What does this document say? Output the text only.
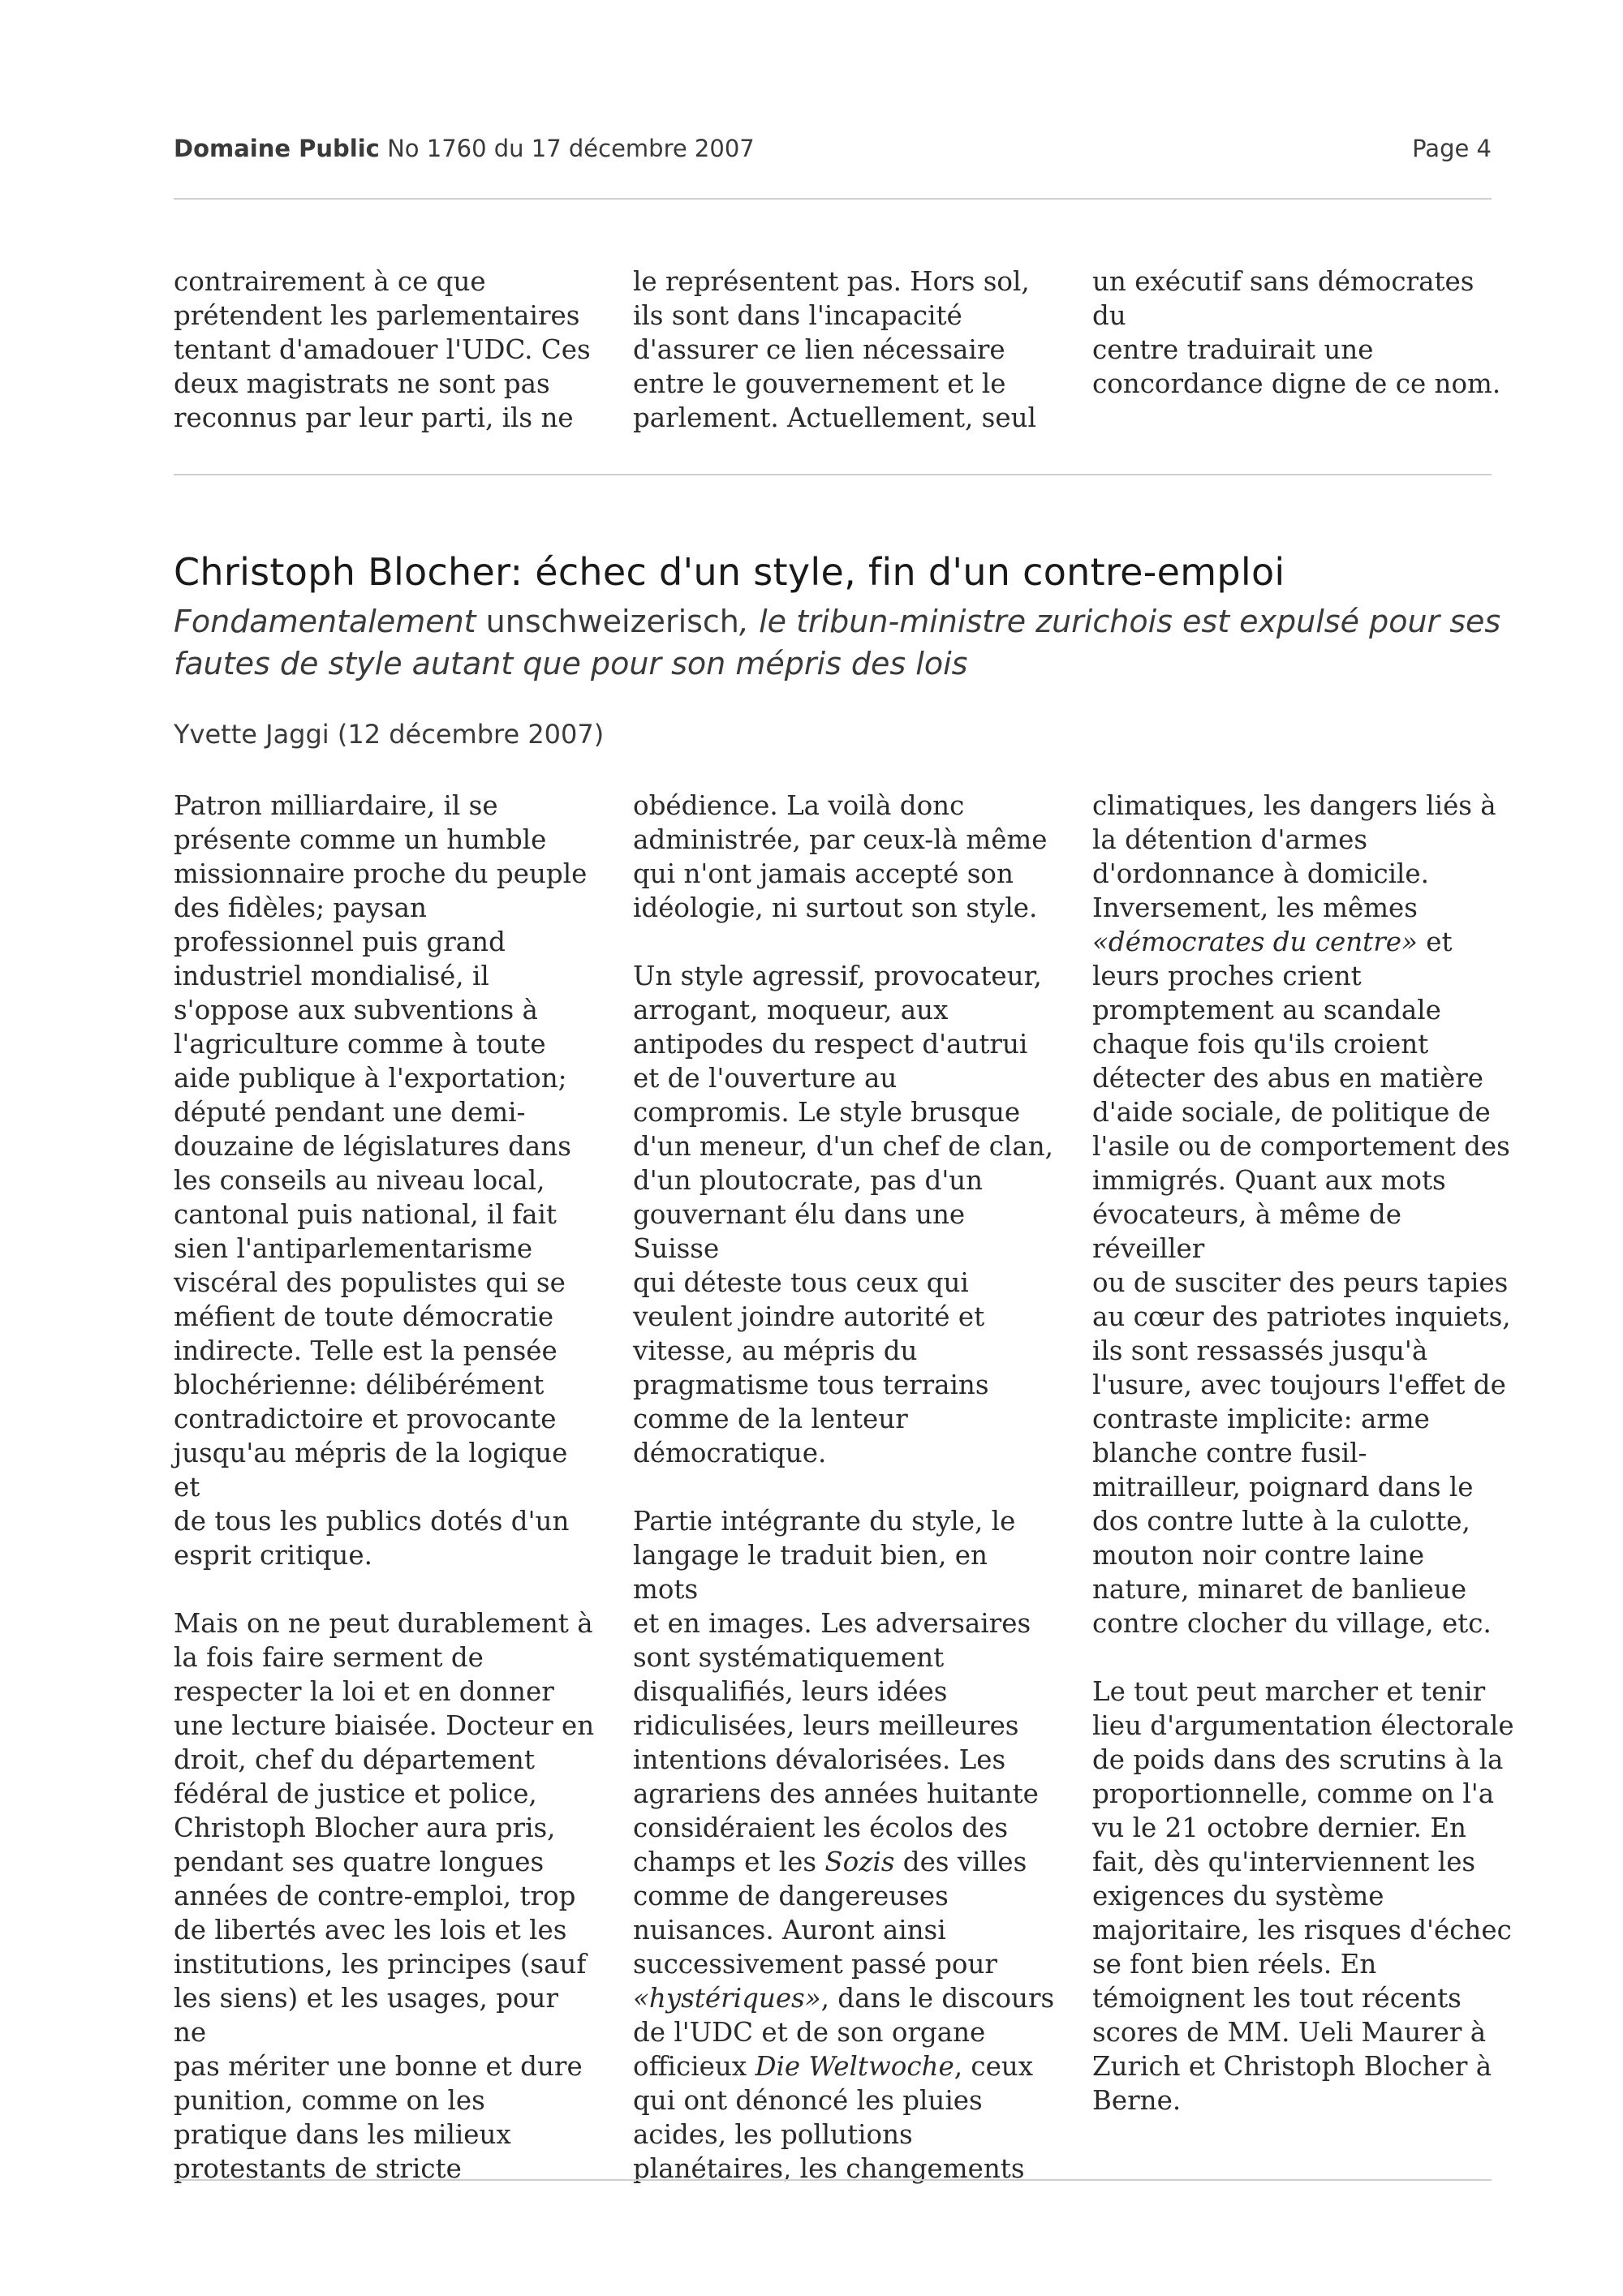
Domaine Public No 1760 du 17 décembre 2007	Page 4

contrairement à ce que
prétendent les parlementaires
tentant d'amadouer l'UDC. Ces
deux magistrats ne sont pas
reconnus par leur parti, ils ne

le représentent pas. Hors sol,
ils sont dans l'incapacité
d'assurer ce lien nécessaire
entre le gouvernement et le
parlement. Actuellement, seul

un exécutif sans démocrates du
centre traduirait une
concordance digne de ce nom.

Christoph Blocher: échec d'un style, fin d'un contre-emploi
Fondamentalement unschweizerisch, le tribun-ministre zurichois est expulsé pour ses fautes de style autant que pour son mépris des lois
Yvette Jaggi (12 décembre 2007)

Patron milliardaire, il se
présente comme un humble
missionnaire proche du peuple
des fidèles; paysan
professionnel puis grand
industriel mondialisé, il
s'oppose aux subventions à
l'agriculture comme à toute
aide publique à l'exportation;
député pendant une demi-
douzaine de législatures dans
les conseils au niveau local,
cantonal puis national, il fait
sien l'antiparlementarisme
viscéral des populistes qui se
méfient de toute démocratie
indirecte. Telle est la pensée
blochérienne: délibérément
contradictoire et provocante
jusqu'au mépris de la logique et
de tous les publics dotés d'un
esprit critique.

Mais on ne peut durablement à
la fois faire serment de
respecter la loi et en donner
une lecture biaisée. Docteur en
droit, chef du département
fédéral de justice et police,
Christoph Blocher aura pris,
pendant ses quatre longues
années de contre-emploi, trop
de libertés avec les lois et les
institutions, les principes (sauf
les siens) et les usages, pour ne
pas mériter une bonne et dure
punition, comme on les
pratique dans les milieux
protestants de stricte

obédience. La voilà donc
administrée, par ceux-là même
qui n'ont jamais accepté son
idéologie, ni surtout son style.

Un style agressif, provocateur,
arrogant, moqueur, aux
antipodes du respect d'autrui
et de l'ouverture au
compromis. Le style brusque
d'un meneur, d'un chef de clan,
d'un ploutocrate, pas d'un
gouvernant élu dans une Suisse
qui déteste tous ceux qui
veulent joindre autorité et
vitesse, au mépris du
pragmatisme tous terrains
comme de la lenteur
démocratique.

Partie intégrante du style, le
langage le traduit bien, en mots
et en images. Les adversaires
sont systématiquement
disqualifiés, leurs idées
ridiculisées, leurs meilleures
intentions dévalorisées. Les
agrariens des années huitante
considéraient les écolos des
champs et les Sozis des villes
comme de dangereuses
nuisances. Auront ainsi
successivement passé pour
«hystériques», dans le discours
de l'UDC et de son organe
officieux Die Weltwoche, ceux
qui ont dénoncé les pluies
acides, les pollutions
planétaires, les changements

climatiques, les dangers liés à
la détention d'armes
d'ordonnance à domicile.
Inversement, les mêmes
«démocrates du centre» et
leurs proches crient
promptement au scandale
chaque fois qu'ils croient
détecter des abus en matière
d'aide sociale, de politique de
l'asile ou de comportement des
immigrés. Quant aux mots
évocateurs, à même de réveiller
ou de susciter des peurs tapies
au cœur des patriotes inquiets,
ils sont ressassés jusqu'à
l'usure, avec toujours l'effet de
contraste implicite: arme
blanche contre fusil-
mitrailleur, poignard dans le
dos contre lutte à la culotte,
mouton noir contre laine
nature, minaret de banlieue
contre clocher du village, etc.

Le tout peut marcher et tenir
lieu d'argumentation électorale
de poids dans des scrutins à la
proportionnelle, comme on l'a
vu le 21 octobre dernier. En
fait, dès qu'interviennent les
exigences du système
majoritaire, les risques d'échec
se font bien réels. En
témoignent les tout récents
scores de MM. Ueli Maurer à
Zurich et Christoph Blocher à
Berne.
